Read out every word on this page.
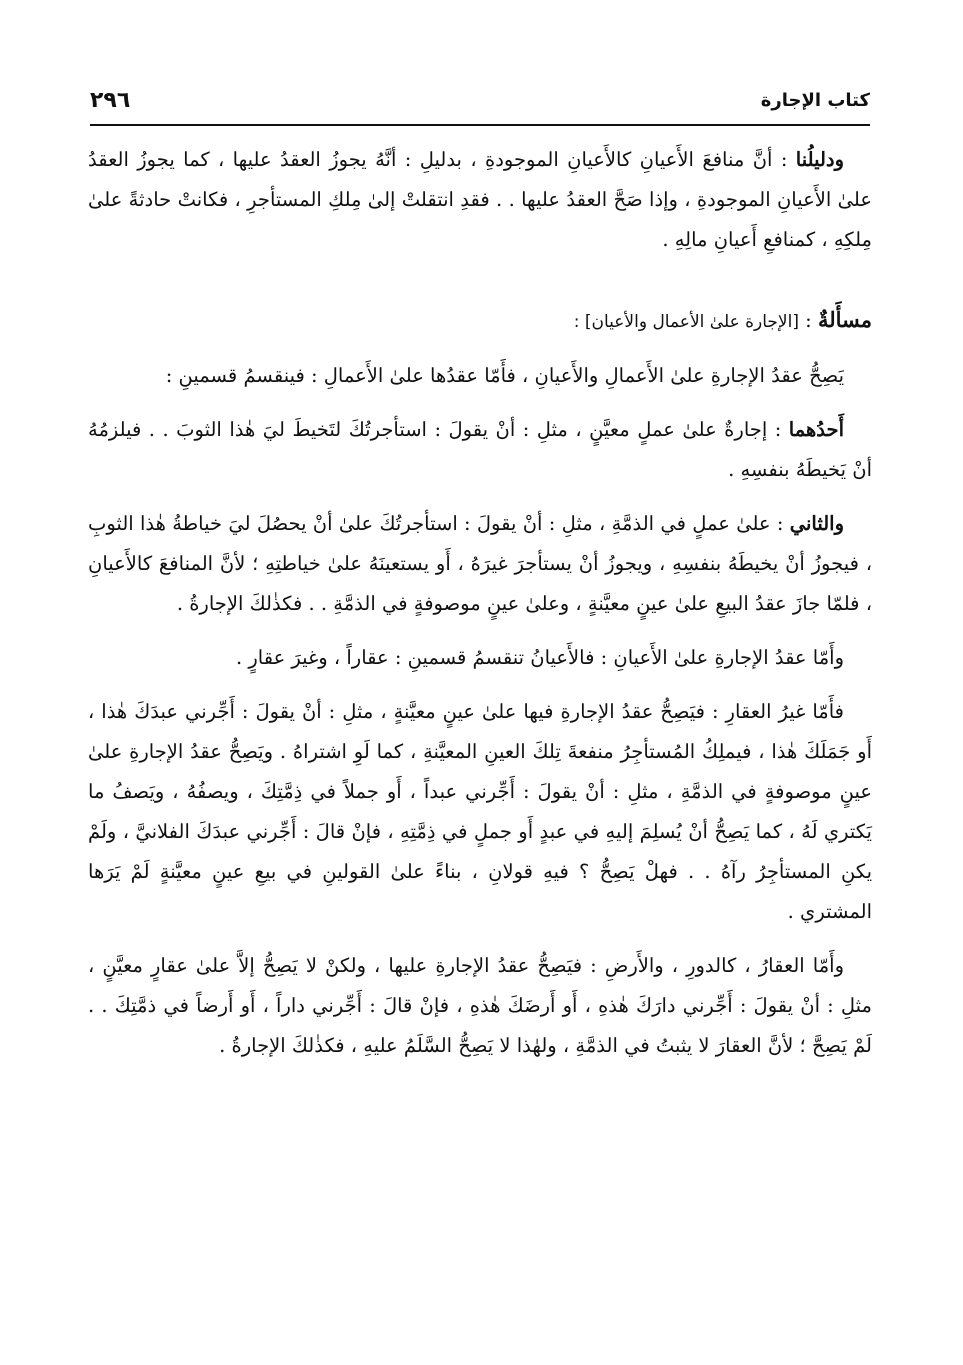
٢٩٦	كتاب الإجارة

ودليلُنا : أنَّ منافعَ الأَعيانِ كالأَعيانِ الموجودةِ ، بدليلِ : أنَّهُ يجوزُ العقدُ عليها ، كما يجوزُ العقدُ علىٰ الأَعيانِ الموجودةِ ، وإذا صَحَّ العقدُ عليها . . فقدِ انتقلتْ إلىٰ مِلكِ المستأجرِ ، فكانتْ حادثةً علىٰ مِلكِهِ ، كمنافعِ أَعيانِ مالِهِ .

مسأَلةٌ : [الإجارة علىٰ الأعمال والأعيان] :

يَصِحُّ عقدُ الإجارةِ علىٰ الأَعمالِ والأَعيانِ ، فأَمّا عقدُها علىٰ الأَعمالِ : فينقسمُ قسمينِ :

أَحدُهما : إجارةٌ علىٰ عملٍ معيَّنٍ ، مثلِ : أنْ يقولَ : استأجرتُكَ لتَخيطَ ليَ هٰذا الثوبَ . . فيلزمُهُ أنْ يَخيطَهُ بنفسِهِ .

والثاني : علىٰ عملٍ في الذمَّةِ ، مثلِ : أنْ يقولَ : استأجرتُكَ علىٰ أنْ يحصُلَ ليَ خياطةُ هٰذا الثوبِ ، فيجوزُ أنْ يخيطَهُ بنفسِهِ ، ويجوزُ أنْ يستأجرَ غيرَهُ ، أَو يستعينَهُ علىٰ خياطتِهِ ؛ لأنَّ المنافعَ كالأَعيانِ ، فلمّا جازَ عقدُ البيعِ علىٰ عينٍ معيَّنةٍ ، وعلىٰ عينٍ موصوفةٍ في الذمَّةِ . . فكذٰلكَ الإجارةُ .

وأَمّا عقدُ الإجارةِ علىٰ الأَعيانِ : فالأَعيانُ تنقسمُ قسمينِ : عقاراً ، وغيرَ عقارٍ .

فأَمّا غيرُ العقارِ : فيَصِحُّ عقدُ الإجارةِ فيها علىٰ عينٍ معيَّنةٍ ، مثلِ : أنْ يقولَ : أَجِّرني عبدَكَ هٰذا ، أَو جَمَلَكَ هٰذا ، فيملِكُ المُستأجِرُ منفعةَ تِلكَ العينِ المعيَّنةِ ، كما لَوِ اشتراهُ . ويَصِحُّ عقدُ الإجارةِ علىٰ عينٍ موصوفةٍ في الذمَّةِ ، مثلِ : أنْ يقولَ : أَجِّرني عبداً ، أَو جملاً في ذِمَّتِكَ ، ويصفُهُ ، ويَصفُ ما يَكتري لَهُ ، كما يَصِحُّ أنْ يُسلِمَ إليهِ في عبدٍ أَو جملٍ في ذِمَّتِهِ ، فإنْ قالَ : أَجِّرني عبدَكَ الفلانيَّ ، ولَمْ يكنِ المستأجِرُ رآهُ . . فهلْ يَصِحُّ ؟ فيهِ قولانِ ، بناءً علىٰ القولينِ في بيعِ عينٍ معيَّنةٍ لَمْ يَرَها المشتري .

وأَمّا العقارُ ، كالدورِ ، والأَرضِ : فيَصِحُّ عقدُ الإجارةِ عليها ، ولكنْ لا يَصِحُّ إلاَّ علىٰ عقارٍ معيَّنٍ ، مثلِ : أنْ يقولَ : أَجِّرني دارَكَ هٰذهِ ، أَو أَرضَكَ هٰذهِ ، فإنْ قالَ : أَجِّرني داراً ، أَو أَرضاً في ذمَّتِكَ . . لَمْ يَصِحَّ ؛ لأنَّ العقارَ لا يثبتُ في الذمَّةِ ، ولهٰذا لا يَصِحُّ السَّلَمُ عليهِ ، فكذٰلكَ الإجارةُ .
